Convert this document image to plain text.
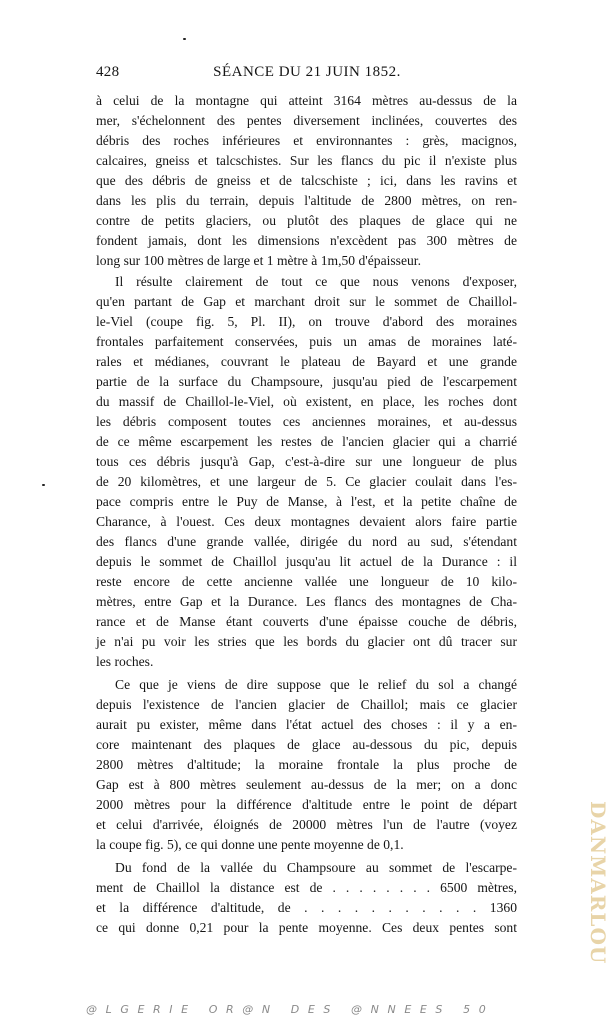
428	SÉANCE DU 21 JUIN 1852.
à celui de la montagne qui atteint 3164 mètres au-dessus de la
mer, s'échelonnent des pentes diversement inclinées, couvertes des
débris des roches inférieures et environnantes : grès, macignos,
calcaires, gneiss et talcschistes. Sur les flancs du pic il n'existe plus
que des débris de gneiss et de talcschiste ; ici, dans les ravins et
dans les plis du terrain, depuis l'altitude de 2800 mètres, on ren-
contre de petits glaciers, ou plutôt des plaques de glace qui ne
fondent jamais, dont les dimensions n'excèdent pas 300 mètres de
long sur 100 mètres de large et 1 mètre à 1m,50 d'épaisseur.
Il résulte clairement de tout ce que nous venons d'exposer,
qu'en partant de Gap et marchant droit sur le sommet de Chaillol-
le-Viel (coupe fig. 5, Pl. II), on trouve d'abord des moraines
frontales parfaitement conservées, puis un amas de moraines laté-
rales et médianes, couvrant le plateau de Bayard et une grande
partie de la surface du Champsoure, jusqu'au pied de l'escarpement
du massif de Chaillol-le-Viel, où existent, en place, les roches dont
les débris composent toutes ces anciennes moraines, et au-dessus
de ce même escarpement les restes de l'ancien glacier qui a charrié
tous ces débris jusqu'à Gap, c'est-à-dire sur une longueur de plus
de 20 kilomètres, et une largeur de 5. Ce glacier coulait dans l'es-
pace compris entre le Puy de Manse, à l'est, et la petite chaîne de
Charance, à l'ouest. Ces deux montagnes devaient alors faire partie
des flancs d'une grande vallée, dirigée du nord au sud, s'étendant
depuis le sommet de Chaillol jusqu'au lit actuel de la Durance : il
reste encore de cette ancienne vallée une longueur de 10 kilo-
mètres, entre Gap et la Durance. Les flancs des montagnes de Cha-
rance et de Manse étant couverts d'une épaisse couche de débris,
je n'ai pu voir les stries que les bords du glacier ont dû tracer sur
les roches.
Ce que je viens de dire suppose que le relief du sol a changé
depuis l'existence de l'ancien glacier de Chaillol; mais ce glacier
aurait pu exister, même dans l'état actuel des choses : il y a en-
core maintenant des plaques de glace au-dessous du pic, depuis
2800 mètres d'altitude; la moraine frontale la plus proche de
Gap est à 800 mètres seulement au-dessus de la mer; on a donc
2000 mètres pour la différence d'altitude entre le point de départ
et celui d'arrivée, éloignés de 20000 mètres l'un de l'autre (voyez
la coupe fig. 5), ce qui donne une pente moyenne de 0,1.
Du fond de la vallée du Champsoure au sommet de l'escarpe-
ment de Chaillol la distance est de . . . . . . . . 6500 mètres,
et la différence d'altitude, de . . . . . . . . . . . 1360
ce qui donne 0,21 pour la pente moyenne. Ces deux pentes sont
@LGERIE OR@N DES @NNEES 50
DANMARLOU
